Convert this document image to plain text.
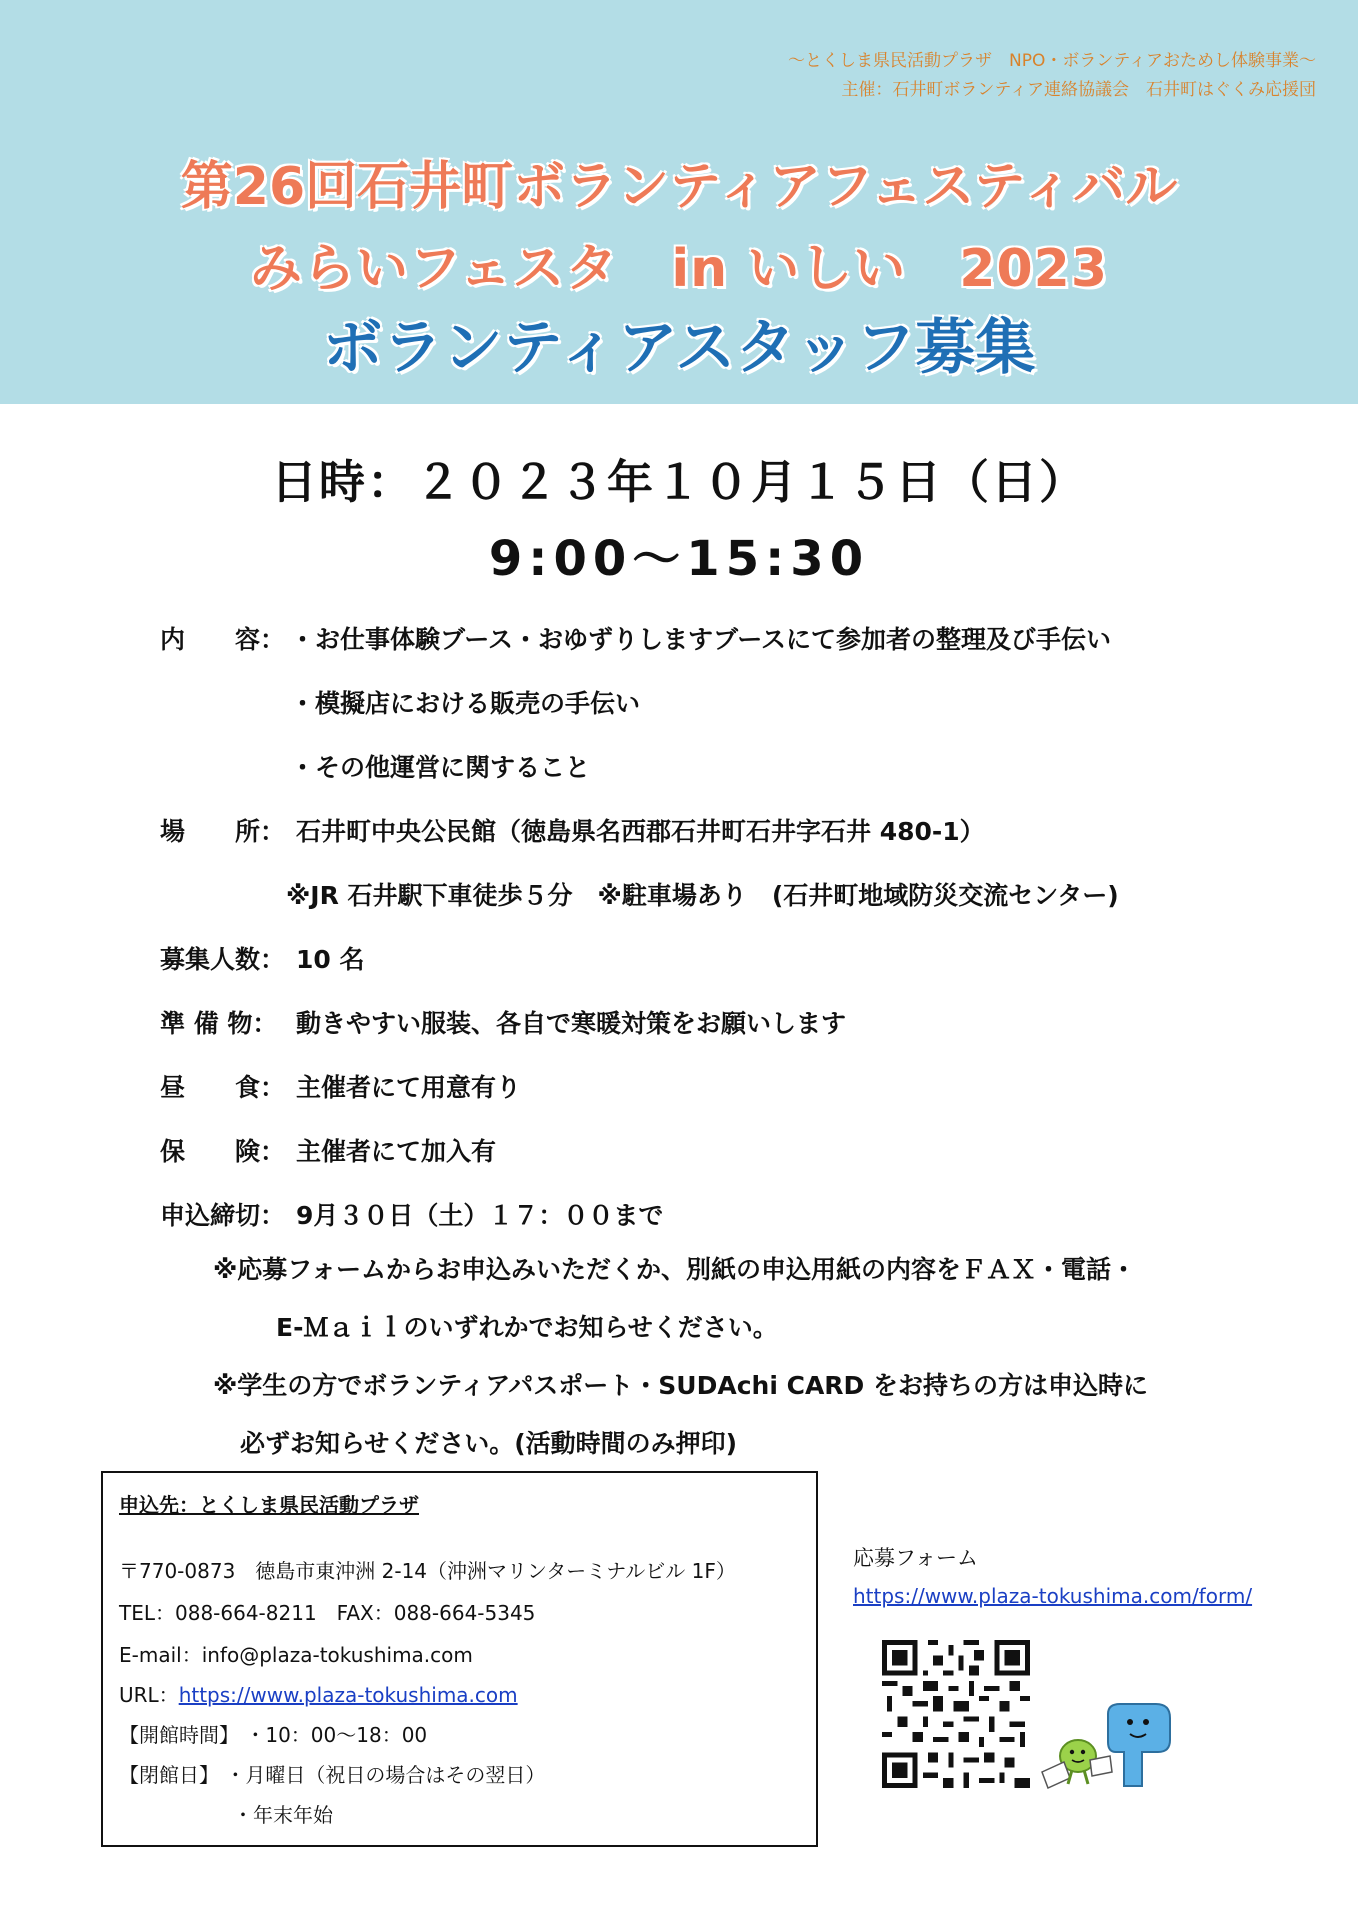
〜とくしま県民活動プラザ　NPO・ボランティアおためし体験事業〜
主催：石井町ボランティア連絡協議会　石井町はぐくみ応援団
第26回石井町ボランティアフェスティバル
みらいフェスタ　in いしい　2023
ボランティアスタッフ募集
日時：２０２３年１０月１５日（日）
9:00〜15:30
内　　容： ・お仕事体験ブース・おゆずりしますブースにて参加者の整理及び手伝い
・模擬店における販売の手伝い
・その他運営に関すること
場　　所： 石井町中央公民館（徳島県名西郡石井町石井字石井 480-1）
※JR 石井駅下車徒歩５分　※駐車場あり　(石井町地域防災交流センター)
募集人数： 10 名
準 備 物： 動きやすい服装、各自で寒暖対策をお願いします
昼　　食： 主催者にて用意有り
保　　険： 主催者にて加入有
申込締切： 9月３０日（土）１７：００まで
※応募フォームからお申込みいただくか、別紙の申込用紙の内容をＦＡＸ・電話・
E-Ｍａｉｌのいずれかでお知らせください。
※学生の方でボランティアパスポート・SUDAchi CARD をお持ちの方は申込時に
必ずお知らせください。(活動時間のみ押印)
申込先：とくしま県民活動プラザ
〒770-0873　徳島市東沖洲 2-14（沖洲マリンターミナルビル 1F）
TEL：088-664-8211　FAX：088-664-5345
E-mail：info@plaza-tokushima.com
URL：https://www.plaza-tokushima.com
【開館時間】 ・10：00〜18：00
【閉館日】 ・月曜日（祝日の場合はその翌日）
・年末年始
応募フォーム
https://www.plaza-tokushima.com/form/
